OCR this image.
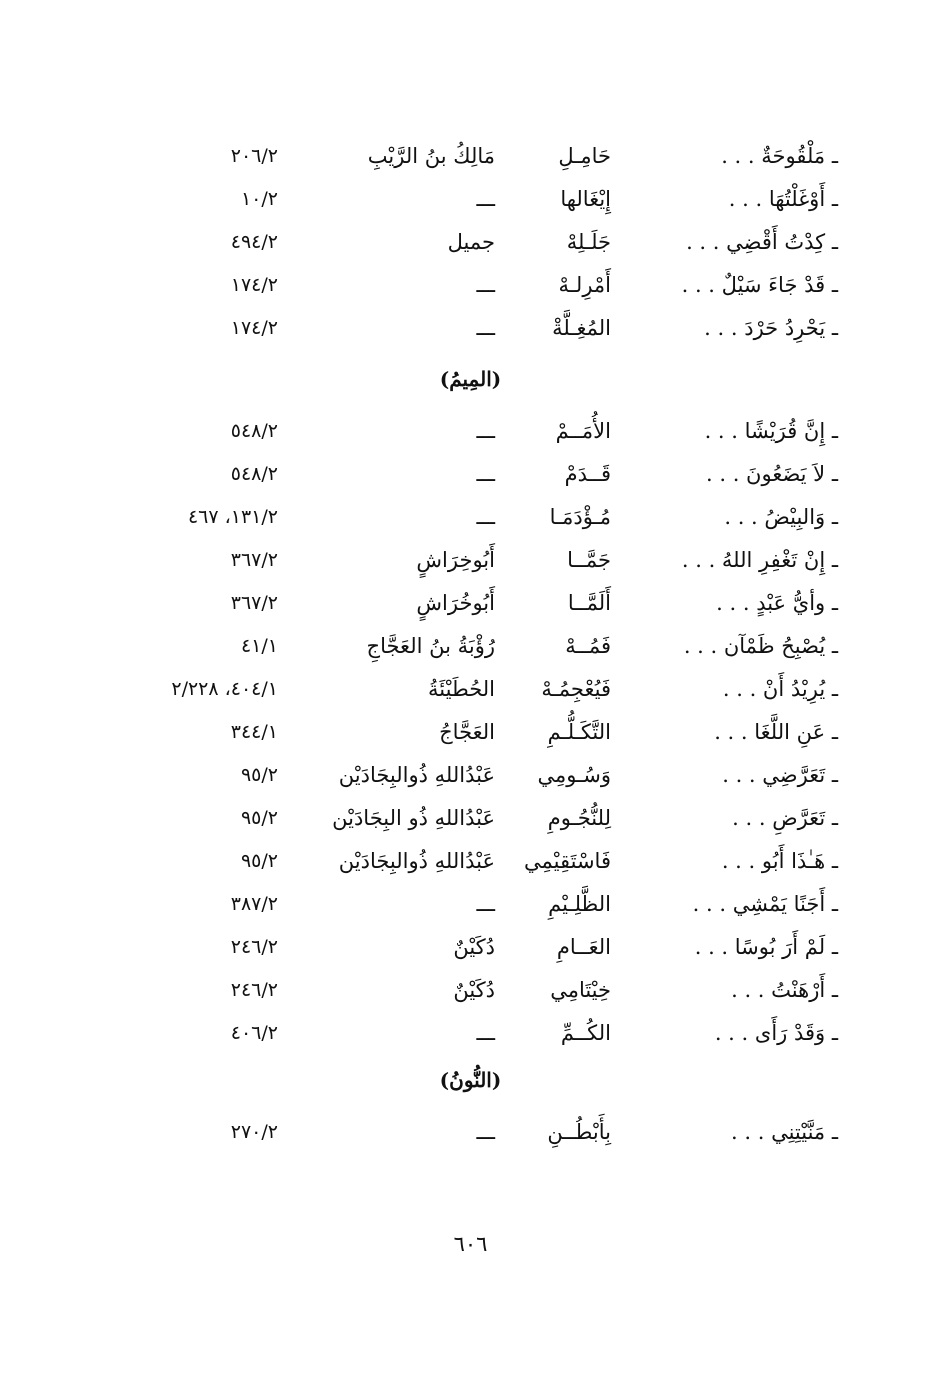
ـ مَلْقُوحَةٌ . . .
حَامِـلِ
مَالِكُ بنُ الرَّيْبِ
٢٠٦/٢
ـ أَوْغَلْتُهَا . . .
إِيْغَالها
ـــ
١٠/٢
ـ كِدْتُ أَقْضِي . . .
جَلَـلِهْ
جميل
٤٩٤/٢
ـ قَدْ جَاءَ سَيْلٌ . . .
أَمْرِلـهْ
ـــ
١٧٤/٢
ـ يَحْرِدُ حَرْدَ . . .
المُغِـلَّةْ
ـــ
١٧٤/٢
(المِيمُ)
ـ إِنَّ قُرَيْشًا . . .
الأُمَــمْ
ـــ
٥٤٨/٢
ـ لاَ يَضَعُونَ . . .
قَــدَمْ
ـــ
٥٤٨/٢
ـ وَالبِيْضُ . . .
مُـؤْدَمَـا
ـــ
١٣١/٢، ٤٦٧
ـ إِنْ تَغْفِرِ اللهُ . . .
جَمَّــا
أَبُوخِرَاشٍ
٣٦٧/٢
ـ وأيُّ عَبْدٍ . . .
أَلَمَّــا
أَبُوخُرَاشٍ
٣٦٧/٢
ـ يُصْبِحُ ظَمْآن . . .
فَمُــهْ
رُؤْبَةُ بنُ العَجَّاجِ
٤١/١
ـ يُرِيْدُ أَنْ . . .
فَيُعْجِمُـهْ
الحُطَيْئَةُ
٤٠٤/١، ٢/٢٢٨
ـ عَنِ اللَّغَا . . .
التَّكَـلُّـمِ
العَجَّاجُ
٣٤٤/١
ـ تَعَرَّضِي . . .
وَسُـومِي
عَبْدُاللهِ ذُوالبِجَادَيْن
٩٥/٢
ـ تَعَرَّضِ . . .
لِلنُّجُـومِ
عَبْدُاللهِ ذُو البِجَادَيْن
٩٥/٢
ـ هَـٰذَا أَبُو . . .
فَاسْتَقِيْمِي
عَبْدُاللهِ ذُوالبِجَادَيْن
٩٥/٢
ـ أَجَنًا يَمْشِي . . .
الظَّلِـيْمِ
ـــ
٣٨٧/٢
ـ لَمْ أَرَ بُوسًا . . .
العَــامِ
دُكَيْنٌ
٢٤٦/٢
ـ أَرْهَنْتُ . . .
خِيْتَامِي
دُكَيْنٌ
٢٤٦/٢
ـ وَقَدْ رَأَى . . .
الكُــمِّ
ـــ
٤٠٦/٢
(النُّونُ)
ـ مَنَّيْتِنِي . . .
بِأَبْطُــنِ
ـــ
٢٧٠/٢
٦٠٦
